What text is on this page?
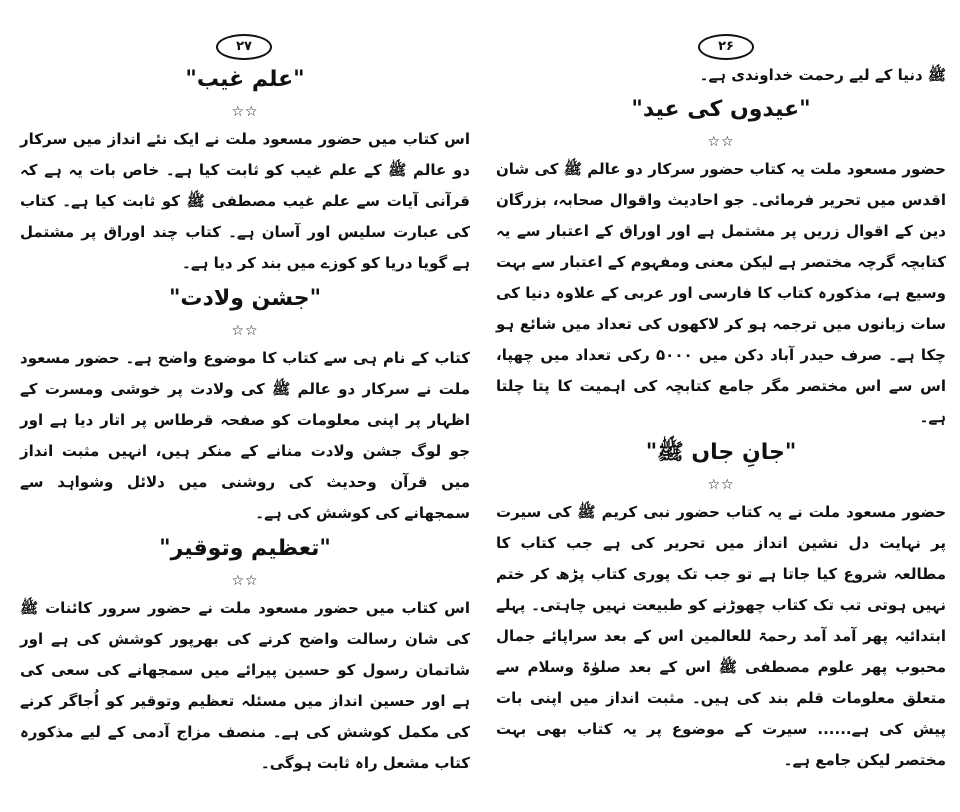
۲۷
"علم غیب"
☆☆

اس کتاب میں حضور مسعود ملت نے ایک نئے انداز میں سرکار دو عالم ﷺ کے علم غیب کو ثابت کیا ہے۔ خاص بات یہ ہے کہ قرآنی آیات سے علم غیب مصطفی ﷺ کو ثابت کیا ہے۔ کتاب کی عبارت سلیس اور آسان ہے۔ کتاب چند اوراق پر مشتمل ہے گویا دریا کو کوزے میں بند کر دیا ہے۔

"جشن ولادت"
☆☆

کتاب کے نام ہی سے کتاب کا موضوع واضح ہے۔ حضور مسعود ملت نے سرکار دو عالم ﷺ کی ولادت پر خوشی ومسرت کے اظہار پر اپنی معلومات کو صفحہ قرطاس پر اتار دیا ہے اور جو لوگ جشن ولادت منانے کے منکر ہیں، انہیں مثبت انداز میں قرآن وحدیث کی روشنی میں دلائل وشواہد سے سمجھانے کی کوشش کی ہے۔

"تعظیم وتوقیر"
☆☆

اس کتاب میں حضور مسعود ملت نے حضور سرور کائنات ﷺ کی شان رسالت واضح کرنے کی بھرپور کوشش کی ہے اور شاتمان رسول کو حسین پیرائے میں سمجھانے کی سعی کی ہے اور حسین انداز میں مسئلہ تعظیم وتوقیر کو اُجاگر کرنے کی مکمل کوشش کی ہے۔ منصف مزاج آدمی کے لیے مذکورہ کتاب مشعل راہ ثابت ہوگی۔

۲۶

ﷺ دنیا کے لیے رحمت خداوندی ہے۔

"عیدوں کی عید"
☆☆

حضور مسعود ملت یہ کتاب حضور سرکار دو عالم ﷺ کی شان اقدس میں تحریر فرمائی۔ جو احادیث واقوال صحابہ، بزرگان دین کے اقوال زریں پر مشتمل ہے اور اوراق کے اعتبار سے یہ کتابچہ گرچہ مختصر ہے لیکن معنی ومفہوم کے اعتبار سے بہت وسیع ہے، مذکورہ کتاب کا فارسی اور عربی کے علاوہ دنیا کی سات زبانوں میں ترجمہ ہو کر لاکھوں کی تعداد میں شائع ہو چکا ہے۔ صرف حیدر آباد دکن میں ۵۰۰۰ رکی تعداد میں چھپا، اس سے اس مختصر مگر جامع کتابچہ کی اہمیت کا پتا چلتا ہے۔

"جانِ جاں ﷺ"
☆☆

حضور مسعود ملت نے یہ کتاب حضور نبی کریم ﷺ کی سیرت پر نہایت دل نشین انداز میں تحریر کی ہے جب کتاب کا مطالعہ شروع کیا جاتا ہے تو جب تک پوری کتاب پڑھ کر ختم نہیں ہوتی تب تک کتاب چھوڑنے کو طبیعت نہیں چاہتی۔ پہلے ابتدائیہ پھر آمد آمد رحمۃ للعالمین اس کے بعد سراپائے جمال محبوب پھر علوم مصطفی ﷺ اس کے بعد صلوٰۃ وسلام سے متعلق معلومات قلم بند کی ہیں۔ مثبت انداز میں اپنی بات پیش کی ہے...... سیرت کے موضوع پر یہ کتاب بھی بہت مختصر لیکن جامع ہے۔
